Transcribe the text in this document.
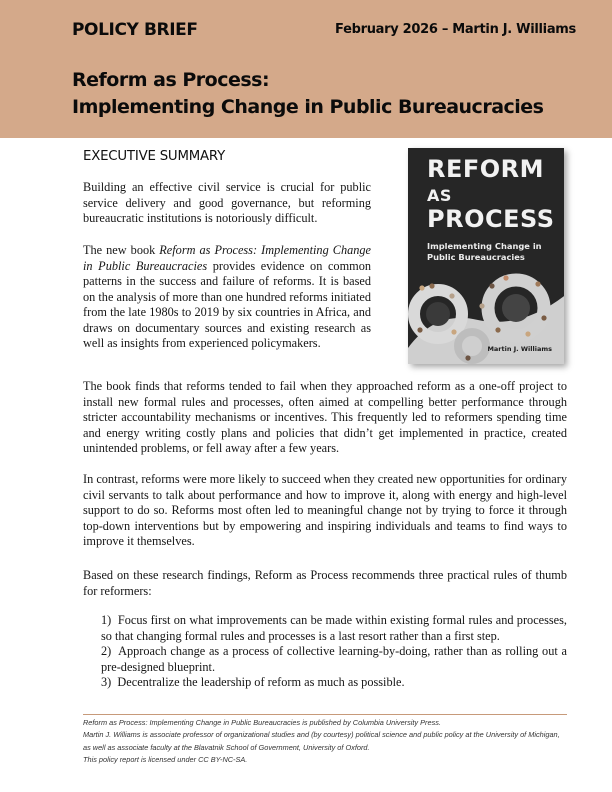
POLICY BRIEF	February 2026 – Martin J. Williams
Reform as Process:
Implementing Change in Public Bureaucracies
EXECUTIVE SUMMARY

Building an effective civil service is crucial for public service delivery and good governance, but reforming bureaucratic institutions is notoriously difficult.

The new book Reform as Process: Implementing Change in Public Bureaucracies provides evidence on common patterns in the success and failure of reforms. It is based on the analysis of more than one hundred reforms initiated from the late 1980s to 2019 by six countries in Africa, and draws on documentary sources and existing research as well as insights from experienced policymakers.

The book finds that reforms tended to fail when they approached reform as a one-off project to install new formal rules and processes, often aimed at compelling better performance through stricter accountability mechanisms or incentives. This frequently led to reformers spending time and energy writing costly plans and policies that didn’t get implemented in practice, created unintended problems, or fell away after a few years.

In contrast, reforms were more likely to succeed when they created new opportunities for ordinary civil servants to talk about performance and how to improve it, along with energy and high-level support to do so. Reforms most often led to meaningful change not by trying to force it through top-down interventions but by empowering and inspiring individuals and teams to find ways to improve it themselves.

Based on these research findings, Reform as Process recommends three practical rules of thumb for reformers:

1) Focus first on what improvements can be made within existing formal rules and processes, so that changing formal rules and processes is a last resort rather than a first step.
2) Approach change as a process of collective learning-by-doing, rather than as rolling out a pre-designed blueprint.
3) Decentralize the leadership of reform as much as possible.
REFORM
AS
PROCESS
Implementing Change in Public Bureaucracies
Martin J. Williams

Reform as Process: Implementing Change in Public Bureaucracies is published by Columbia University Press.

Martin J. Williams is associate professor of organizational studies and (by courtesy) political science and public policy at the University of Michigan, as well as associate faculty at the Blavatnik School of Government, University of Oxford.

This policy report is licensed under CC BY-NC-SA.
